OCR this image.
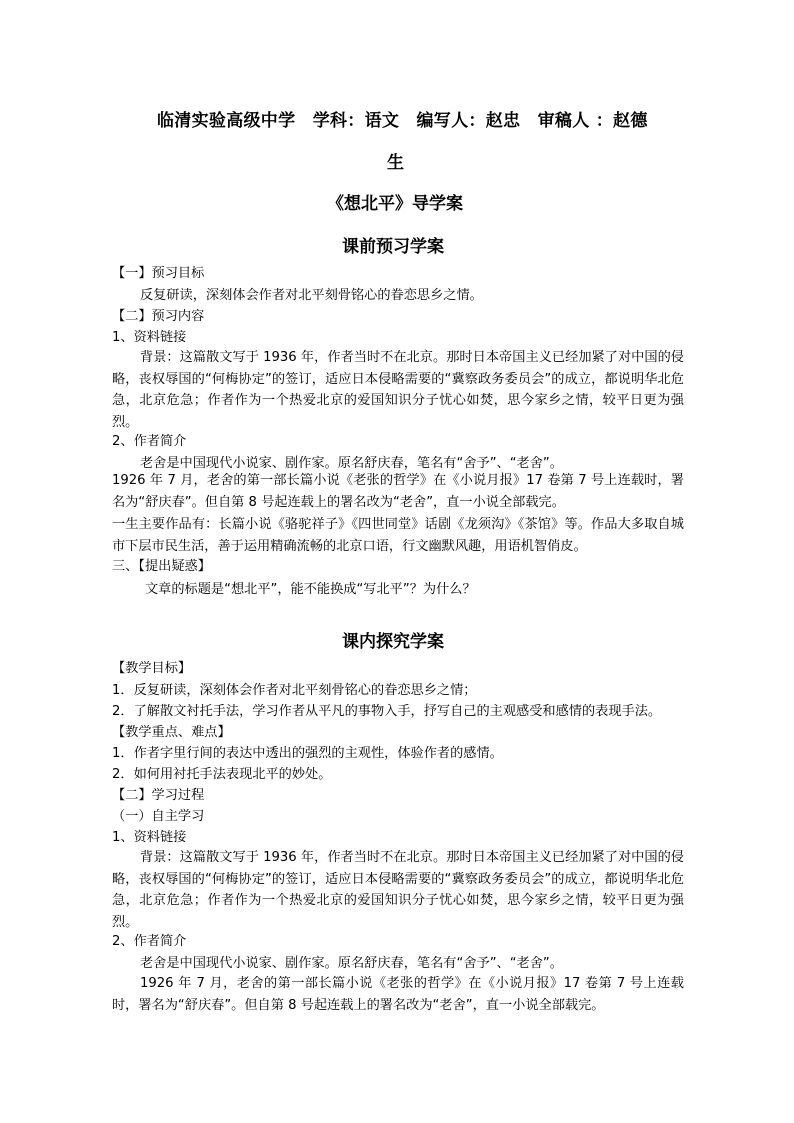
临清实验高级中学　学科：语文　编写人：赵忠　审稿人 ：赵德
生
《想北平》导学案
课前预习学案
【一】预习目标
反复研读，深刻体会作者对北平刻骨铭心的眷恋思乡之情。
【二】预习内容
1、资料链接

背景：这篇散文写于 1936 年，作者当时不在北京。那时日本帝国主义已经加紧了对中国的侵略，丧权辱国的“何梅协定”的签订，适应日本侵略需要的“冀察政务委员会”的成立，都说明华北危急，北京危急；作者作为一个热爱北京的爱国知识分子忧心如焚，思今家乡之情，较平日更为强烈。

2、作者简介
老舍是中国现代小说家、剧作家。原名舒庆春，笔名有“舍予”、“老舍”。

1926 年 7 月，老舍的第一部长篇小说《老张的哲学》在《小说月报》17 卷第 7 号上连载时，署名为“舒庆春”。但自第 8 号起连载上的署名改为“老舍”，直一小说全部载完。

一生主要作品有：长篇小说《骆驼祥子》《四世同堂》话剧《龙须沟》《茶馆》等。作品大多取自城市下层市民生活，善于运用精确流畅的北京口语，行文幽默风趣，用语机智俏皮。

三、【提出疑惑】
文章的标题是“想北平”，能不能换成“写北平”？为什么？
课内探究学案
【教学目标】
1．反复研读，深刻体会作者对北平刻骨铭心的眷恋思乡之情；
2．了解散文衬托手法，学习作者从平凡的事物入手，抒写自己的主观感受和感情的表现手法。
【教学重点、难点】
1．作者字里行间的表达中透出的强烈的主观性，体验作者的感情。
2．如何用衬托手法表现北平的妙处。
【二】学习过程
（一）自主学习
1、资料链接

背景：这篇散文写于 1936 年，作者当时不在北京。那时日本帝国主义已经加紧了对中国的侵略，丧权辱国的“何梅协定”的签订，适应日本侵略需要的“冀察政务委员会”的成立，都说明华北危急，北京危急；作者作为一个热爱北京的爱国知识分子忧心如焚，思今家乡之情，较平日更为强烈。

2、作者简介
老舍是中国现代小说家、剧作家。原名舒庆春，笔名有“舍予”、“老舍”。

1926 年 7 月，老舍的第一部长篇小说《老张的哲学》在《小说月报》17 卷第 7 号上连载时，署名为“舒庆春”。但自第 8 号起连载上的署名改为“老舍”，直一小说全部载完。
